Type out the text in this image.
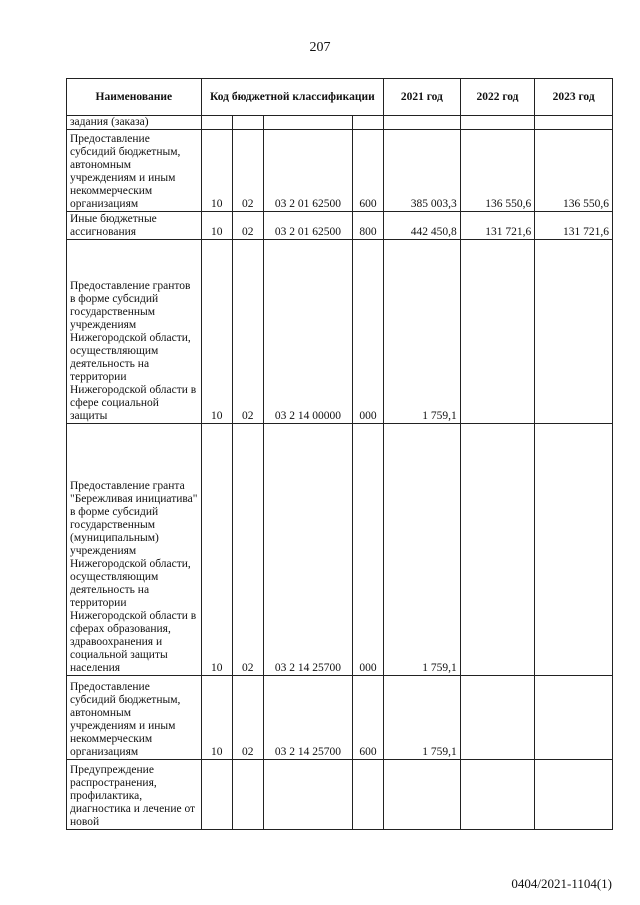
207
Наименование	Код бюджетной классификации				2021 год	2022 год	2023 год
задания (заказа)							
Предоставление субсидий бюджетным, автономным учреждениям и иным некоммерческим организациям	10	02	03 2 01 62500	600	385 003,3	136 550,6	136 550,6
Иные бюджетные ассигнования	10	02	03 2 01 62500	800	442 450,8	131 721,6	131 721,6
Предоставление грантов в форме субсидий государственным учреждениям Нижегородской области, осуществляющим деятельность на территории Нижегородской области в сфере социальной защиты	10	02	03 2 14 00000	000	1 759,1		
Предоставление гранта "Бережливая инициатива" в форме субсидий государственным (муниципальным) учреждениям Нижегородской области, осуществляющим деятельность на территории Нижегородской области в сферах образования, здравоохранения и социальной защиты населения	10	02	03 2 14 25700	000	1 759,1		
Предоставление субсидий бюджетным, автономным учреждениям и иным некоммерческим организациям	10	02	03 2 14 25700	600	1 759,1		
Предупреждение распространения, профилактика, диагностика и лечение от новой							
0404/2021-1104(1)
